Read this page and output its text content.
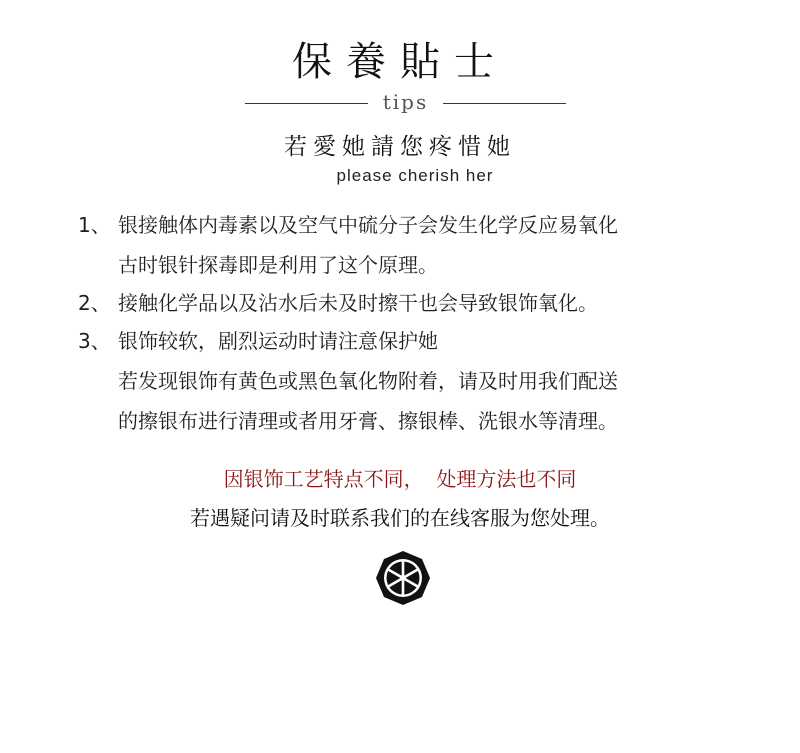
保養貼士
tips
若愛她請您疼惜她
please cherish her
1、 银接触体内毒素以及空气中硫分子会发生化学反应易氧化
古时银针探毒即是利用了这个原理。
2、 接触化学品以及沾水后未及时擦干也会导致银饰氧化。
3、 银饰较软，剧烈运动时请注意保护她
若发现银饰有黄色或黑色氧化物附着，请及时用我们配送
的擦银布进行清理或者用牙膏、擦银棒、洗银水等清理。
因银饰工艺特点不同，  处理方法也不同
若遇疑问请及时联系我们的在线客服为您处理。
